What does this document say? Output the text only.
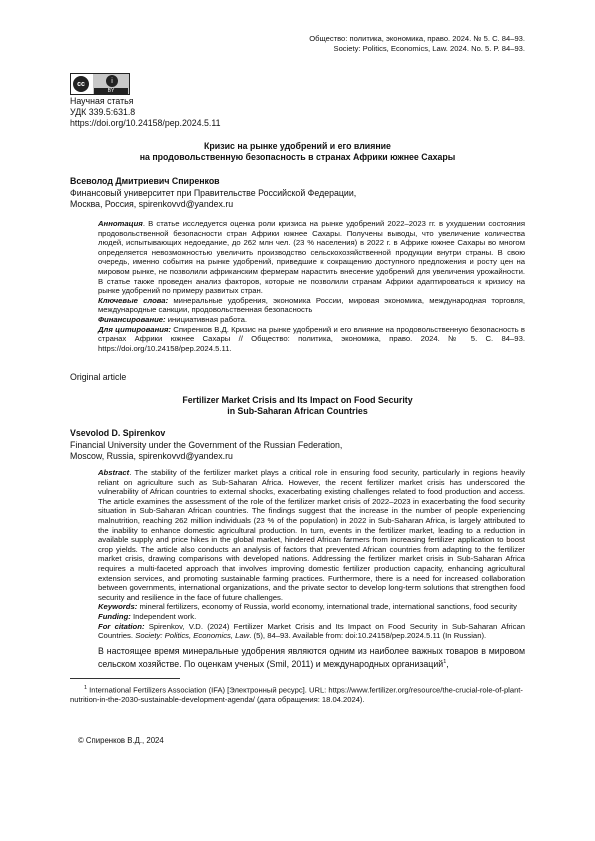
Общество: политика, экономика, право. 2024. № 5. С. 84–93.
Society: Politics, Economics, Law. 2024. No. 5. P. 84–93.
cc	i
BY
Научная статья
УДК 339.5:631.8
https://doi.org/10.24158/pep.2024.5.11
Кризис на рынке удобрений и его влияние
на продовольственную безопасность в странах Африки южнее Сахары
Всеволод Дмитриевич Спиренков
Финансовый университет при Правительстве Российской Федерации,
Москва, Россия, spirenkovvd@yandex.ru
Аннотация. В статье исследуется оценка роли кризиса на рынке удобрений 2022–2023 гг. в ухудшении состояния продовольственной безопасности стран Африки южнее Сахары. Получены выводы, что увеличение количества людей, испытывающих недоедание, до 262 млн чел. (23 % населения) в 2022 г. в Африке южнее Сахары во многом определяется невозможностью увеличить производство сельскохозяйственной продукции внутри страны. В свою очередь, именно события на рынке удобрений, приведшие к сокращению доступного предложения и росту цен на мировом рынке, не позволили африканским фермерам нарастить внесение удобрений для увеличения урожайности. В статье также проведен анализ факторов, которые не позволили странам Африки адаптироваться к кризису на рынке удобрений по примеру развитых стран.
Ключевые слова: минеральные удобрения, экономика России, мировая экономика, международная торговля, международные санкции, продовольственная безопасность
Финансирование: инициативная работа.
Для цитирования: Спиренков В.Д. Кризис на рынке удобрений и его влияние на продовольственную безопасность в странах Африки южнее Сахары // Общество: политика, экономика, право. 2024. № 5. С. 84–93. https://doi.org/10.24158/pep.2024.5.11.
Original article
Fertilizer Market Crisis and Its Impact on Food Security
in Sub-Saharan African Countries
Vsevolod D. Spirenkov
Financial University under the Government of the Russian Federation,
Moscow, Russia, spirenkovvd@yandex.ru
Abstract. The stability of the fertilizer market plays a critical role in ensuring food security, particularly in regions heavily reliant on agriculture such as Sub-Saharan Africa. However, the recent fertilizer market crisis has underscored the vulnerability of African countries to external shocks, exacerbating existing challenges related to food production and access. The article examines the assessment of the role of the fertilizer market crisis of 2022–2023 in exacerbating the food security situation in Sub-Saharan African countries. The findings suggest that the increase in the number of people experiencing malnutrition, reaching 262 million individuals (23 % of the population) in 2022 in Sub-Saharan Africa, is largely attributed to the inability to enhance domestic agricultural production. In turn, events in the fertilizer market, leading to a reduction in available supply and price hikes in the global market, hindered African farmers from increasing fertilizer application to boost crop yields. The article also conducts an analysis of factors that prevented African countries from adapting to the fertilizer market crisis, drawing comparisons with developed nations. Addressing the fertilizer market crisis in Sub-Saharan Africa requires a multi-faceted approach that involves improving domestic fertilizer production capacity, enhancing agricultural extension services, and promoting sustainable farming practices. Furthermore, there is a need for increased collaboration between governments, international organizations, and the private sector to develop long-term solutions that strengthen food security and resilience in the face of future challenges.
Keywords: mineral fertilizers, economy of Russia, world economy, international trade, international sanctions, food security
Funding: Independent work.
For citation: Spirenkov, V.D. (2024) Fertilizer Market Crisis and Its Impact on Food Security in Sub-Saharan African Countries. Society: Politics, Economics, Law. (5), 84–93. Available from: doi:10.24158/pep.2024.5.11 (In Russian).
В настоящее время минеральные удобрения являются одним из наиболее важных товаров в мировом сельском хозяйстве. По оценкам ученых (Smil, 2011) и международных организаций$^1$,
$^1$ International Fertilizers Association (IFA) [Электронный ресурс]. URL: https://www.fertilizer.org/resource/the-crucial-role-of-plant-nutrition-in-the-2030-sustainable-development-agenda/ (дата обращения: 18.04.2024).
© Спиренков В.Д., 2024
